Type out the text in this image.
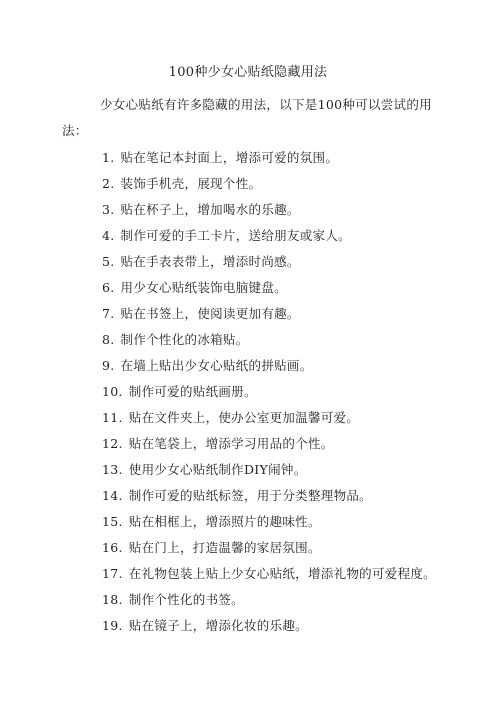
100种少女心贴纸隐藏用法

少女心贴纸有许多隐藏的用法，以下是100种可以尝试的用法：

1. 贴在笔记本封面上，增添可爱的氛围。
2. 装饰手机壳，展现个性。
3. 贴在杯子上，增加喝水的乐趣。
4. 制作可爱的手工卡片，送给朋友或家人。
5. 贴在手表表带上，增添时尚感。
6. 用少女心贴纸装饰电脑键盘。
7. 贴在书签上，使阅读更加有趣。
8. 制作个性化的冰箱贴。
9. 在墙上贴出少女心贴纸的拼贴画。
10. 制作可爱的贴纸画册。
11. 贴在文件夹上，使办公室更加温馨可爱。
12. 贴在笔袋上，增添学习用品的个性。
13. 使用少女心贴纸制作DIY闹钟。
14. 制作可爱的贴纸标签，用于分类整理物品。
15. 贴在相框上，增添照片的趣味性。
16. 贴在门上，打造温馨的家居氛围。
17. 在礼物包装上贴上少女心贴纸，增添礼物的可爱程度。
18. 制作个性化的书签。
19. 贴在镜子上，增添化妆的乐趣。
